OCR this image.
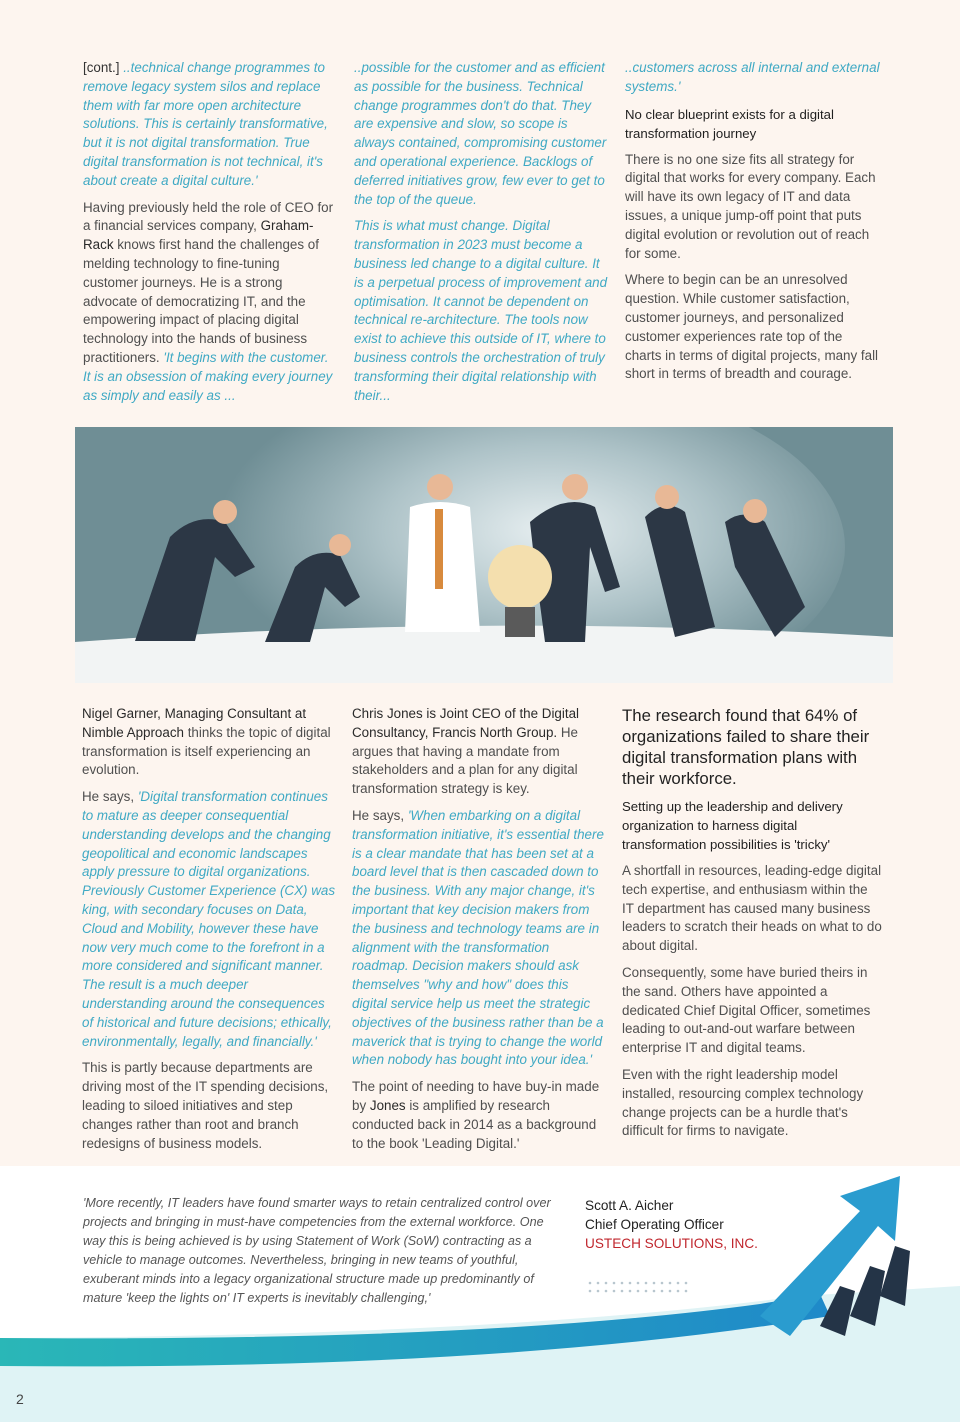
[cont.] ..technical change programmes to remove legacy system silos and replace them with far more open architecture solutions. This is certainly transformative, but it is not digital transformation. True digital transformation is not technical, it's about create a digital culture.'

Having previously held the role of CEO for a financial services company, Graham-Rack knows first hand the challenges of melding technology to fine-tuning customer journeys. He is a strong advocate of democratizing IT, and the empowering impact of placing digital technology into the hands of business practitioners. 'It begins with the customer. It is an obsession of making every journey as simply and easily as ...

..possible for the customer and as efficient as possible for the business. Technical change programmes don't do that. They are expensive and slow, so scope is always contained, compromising customer and operational experience. Backlogs of deferred initiatives grow, few ever to get to the top of the queue.

This is what must change. Digital transformation in 2023 must become a business led change to a digital culture. It is a perpetual process of improvement and optimisation. It cannot be dependent on technical re-architecture. The tools now exist to achieve this outside of IT, where to business controls the orchestration of truly transforming their digital relationship with their...

..customers across all internal and external systems.'

No clear blueprint exists for a digital transformation journey

There is no one size fits all strategy for digital that works for every company. Each will have its own legacy of IT and data issues, a unique jump-off point that puts digital evolution or revolution out of reach for some.

Where to begin can be an unresolved question. While customer satisfaction, customer journeys, and personalized customer experiences rate top of the charts in terms of digital projects, many fall short in terms of breadth and courage.

Nigel Garner, Managing Consultant at Nimble Approach thinks the topic of digital transformation is itself experiencing an evolution.

He says, 'Digital transformation continues to mature as deeper consequential understanding develops and the changing geopolitical and economic landscapes apply pressure to digital organizations. Previously Customer Experience (CX) was king, with secondary focuses on Data, Cloud and Mobility, however these have now very much come to the forefront in a more considered and significant manner. The result is a much deeper understanding around the consequences of historical and future decisions; ethically, environmentally, legally, and financially.'

This is partly because departments are driving most of the IT spending decisions, leading to siloed initiatives and step changes rather than root and branch redesigns of business models.

Chris Jones is Joint CEO of the Digital Consultancy, Francis North Group. He argues that having a mandate from stakeholders and a plan for any digital transformation strategy is key.

He says, 'When embarking on a digital transformation initiative, it's essential there is a clear mandate that has been set at a board level that is then cascaded down to the business. With any major change, it's important that key decision makers from the business and technology teams are in alignment with the transformation roadmap. Decision makers should ask themselves "why and how" does this digital service help us meet the strategic objectives of the business rather than be a maverick that is trying to change the world when nobody has bought into your idea.'

The point of needing to have buy-in made by Jones is amplified by research conducted back in 2014 as a background to the book 'Leading Digital.'

The research found that 64% of organizations failed to share their digital transformation plans with their workforce.

Setting up the leadership and delivery organization to harness digital transformation possibilities is 'tricky'

A shortfall in resources, leading-edge digital tech expertise, and enthusiasm within the IT department has caused many business leaders to scratch their heads on what to do about digital.

Consequently, some have buried theirs in the sand. Others have appointed a dedicated Chief Digital Officer, sometimes leading to out-and-out warfare between enterprise IT and digital teams.

Even with the right leadership model installed, resourcing complex technology change projects can be a hurdle that's difficult for firms to navigate.

'More recently, IT leaders have found smarter ways to retain centralized control over projects and bringing in must-have competencies from the external workforce. One way this is being achieved is by using Statement of Work (SoW) contracting as a vehicle to manage outcomes. Nevertheless, bringing in new teams of youthful, exuberant minds into a legacy organizational structure made up predominantly of mature 'keep the lights on' IT experts is inevitably challenging,'
Scott A. Aicher
Chief Operating Officer
USTECH SOLUTIONS, INC.
2
